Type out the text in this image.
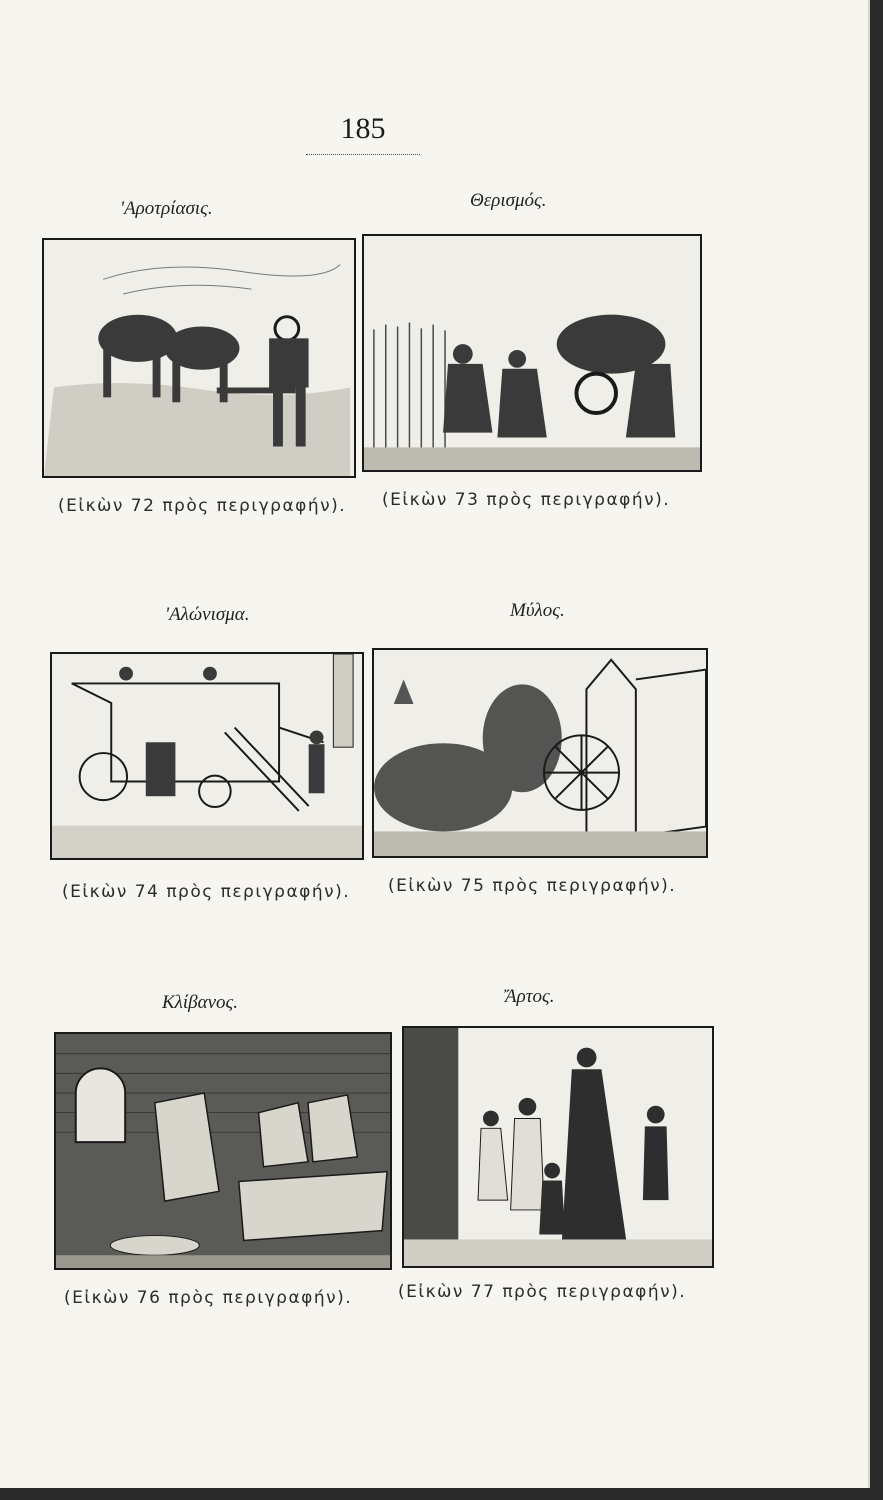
185
'Αροτρίασις.	Θερισμός.
(Εἰκὼν 72 πρὸς περιγραφήν). (Εἰκὼν 73 πρὸς περιγραφήν).
'Αλώνισμα.	Μύλος.
(Εἰκὼν 74 πρὸς περιγραφήν). (Εἰκὼν 75 πρὸς περιγραφήν).
Κλίβανος.	Ἄρτος.
(Εἰκὼν 76 πρὸς περιγραφήν).	(Εἰκὼν 77 πρὸς περιγραφήν).
